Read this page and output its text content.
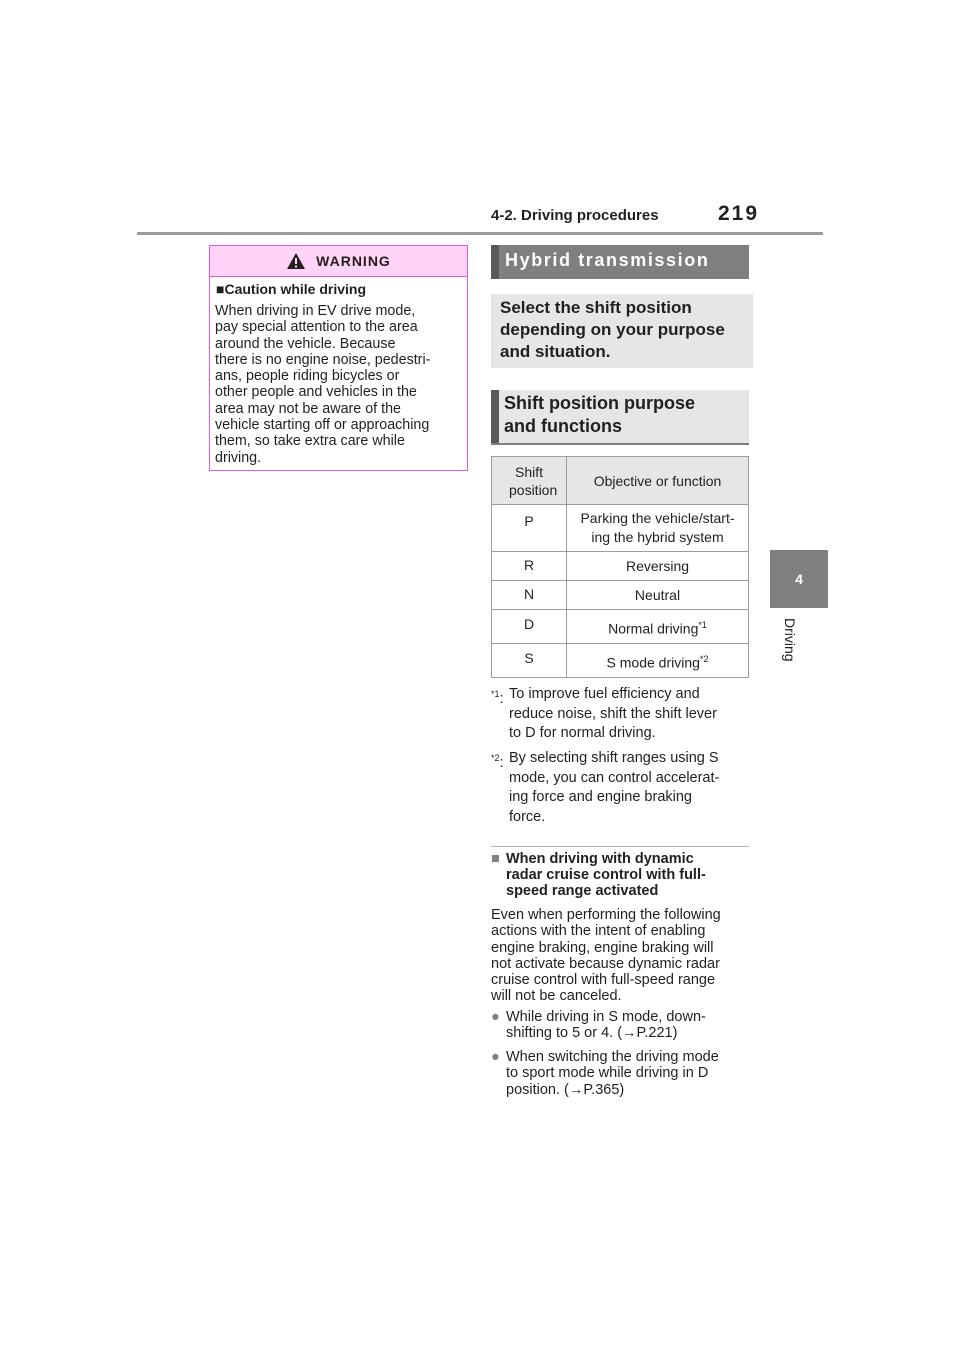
4-2. Driving procedures	219
4
Driving
WARNING
■Caution while driving
When driving in EV drive mode,
pay special attention to the area
around the vehicle. Because
there is no engine noise, pedestri-
ans, people riding bicycles or
other people and vehicles in the
area may not be aware of the
vehicle starting off or approaching
them, so take extra care while
driving.
Hybrid transmission
Select the shift position
depending on your purpose
and situation.
Shift position purpose
and functions
Shift position	Objective or function
P	Parking the vehicle/start-
ing the hybrid system

R	Reversing
N	Neutral
D	Normal driving$^{*1}$
S	S mode driving$^{*2}$
$^{*1}$: To improve fuel efficiency and
reduce noise, shift the shift lever
to D for normal driving.
$^{*2}$: By selecting shift ranges using S
mode, you can control accelerat-
ing force and engine braking
force.
■ When driving with dynamic
radar cruise control with full-
speed range activated
Even when performing the following
actions with the intent of enabling
engine braking, engine braking will
not activate because dynamic radar
cruise control with full-speed range
will not be canceled.
● While driving in S mode, down-
shifting to 5 or 4. (→P.221)
● When switching the driving mode
to sport mode while driving in D
position. (→P.365)
